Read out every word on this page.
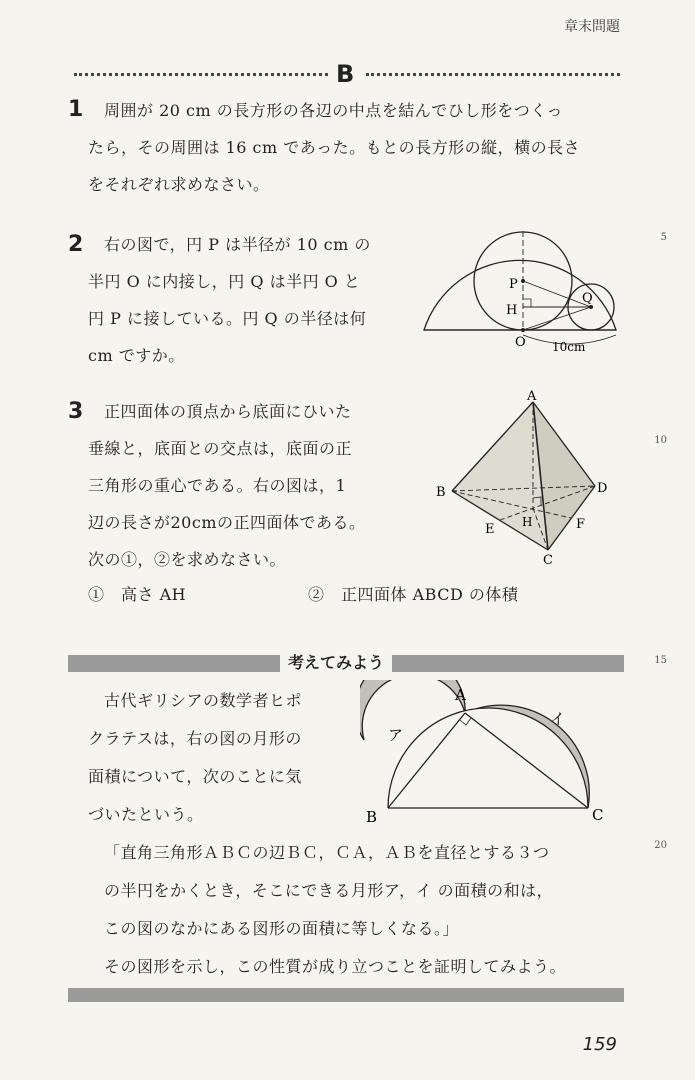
章末問題
B
1 周囲が 20 cm の長方形の各辺の中点を結んでひし形をつくっ
たら，その周囲は 16 cm であった。もとの長方形の縦，横の長さ
をそれぞれ求めなさい。
2 右の図で，円 P は半径が 10 cm の
半円 O に内接し，円 Q は半円 O と
円 P に接している。円 Q の半径は何
cm ですか。
P
Q
H
O 10cm
3 正四面体の頂点から底面にひいた
垂線と，底面との交点は，底面の正
三角形の重心である。右の図は，1
辺の長さが20cmの正四面体である。
次の①，②を求めなさい。
①　高さ AH	②　正四面体 ABCD の体積
A
B
C
D
E	F
H
考えてみよう
古代ギリシアの数学者ヒポ
クラテスは，右の図の月形の
面積について，次のことに気
づいたという。
A
B	C
ア
イ
「直角三角形ＡＢＣの辺ＢＣ，ＣＡ，ＡＢを直径とする３つ
の半円をかくとき，そこにできる月形ア，イ の面積の和は，
この図のなかにある図形の面積に等しくなる。」
その図形を示し，この性質が成り立つことを証明してみよう。
5
10
15
20
159
